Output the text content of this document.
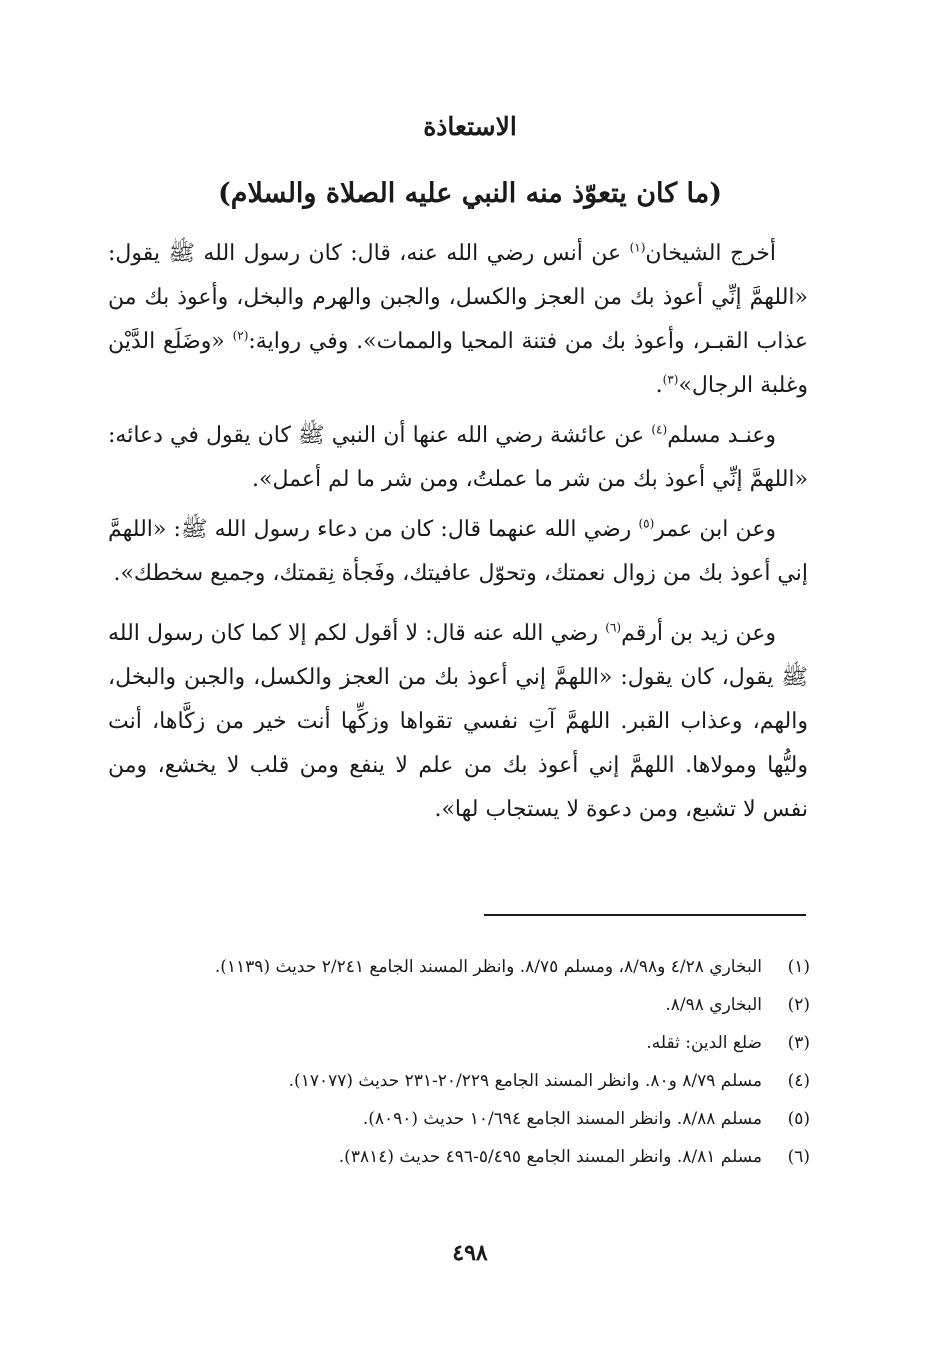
الاستعاذة
(ما كان يتعوّذ منه النبي عليه الصلاة والسلام)

أخرج الشيخان$^{(١)}$ عن أنس رضي الله عنه، قال: كان رسول الله ﷺ يقول: «اللهمَّ إنِّي أعوذ بك من العجز والكسل، والجبن والهرم والبخل، وأعوذ بك من عذاب القبـر، وأعوذ بك من فتنة المحيا والممات». وفي رواية:$^{(٢)}$ «وضَلَع الدَّيْن وغلبة الرجال»$^{(٣)}$.

وعنـد مسلم$^{(٤)}$ عن عائشة رضي الله عنها أن النبي ﷺ كان يقول في دعائه: «اللهمَّ إنِّي أعوذ بك من شر ما عملتُ، ومن شر ما لم أعمل».

وعن ابن عمر$^{(٥)}$ رضي الله عنهما قال: كان من دعاء رسول الله ﷺ: «اللهمَّ إني أعوذ بك من زوال نعمتك، وتحوّل عافيتك، وفَجأة نِقمتك، وجميع سخطك».

وعن زيد بن أرقم$^{(٦)}$ رضي الله عنه قال: لا أقول لكم إلا كما كان رسول الله ﷺ يقول، كان يقول: «اللهمَّ إني أعوذ بك من العجز والكسل، والجبن والبخل، والهم، وعذاب القبر. اللهمَّ آتِ نفسي تقواها وزكِّها أنت خير من زكَّاها، أنت وليُّها ومولاها. اللهمَّ إني أعوذ بك من علم لا ينفع ومن قلب لا يخشع، ومن نفس لا تشبع، ومن دعوة لا يستجاب لها».

(١)
البخاري ٤/٢٨ و٨/٩٨، ومسلم ٨/٧٥. وانظر المسند الجامع ٢/٢٤١ حديث (١١٣٩).
(٢)
البخاري ٨/٩٨.
(٣)
ضلع الدين: ثقله.
(٤)
مسلم ٨/٧٩ و٨٠. وانظر المسند الجامع ٢٠/٢٢٩-٢٣١ حديث (١٧٠٧٧).
(٥)
مسلم ٨/٨٨. وانظر المسند الجامع ١٠/٦٩٤ حديث (٨٠٩٠).
(٦)
مسلم ٨/٨١. وانظر المسند الجامع ٥/٤٩٥-٤٩٦ حديث (٣٨١٤).
٤٩٨
